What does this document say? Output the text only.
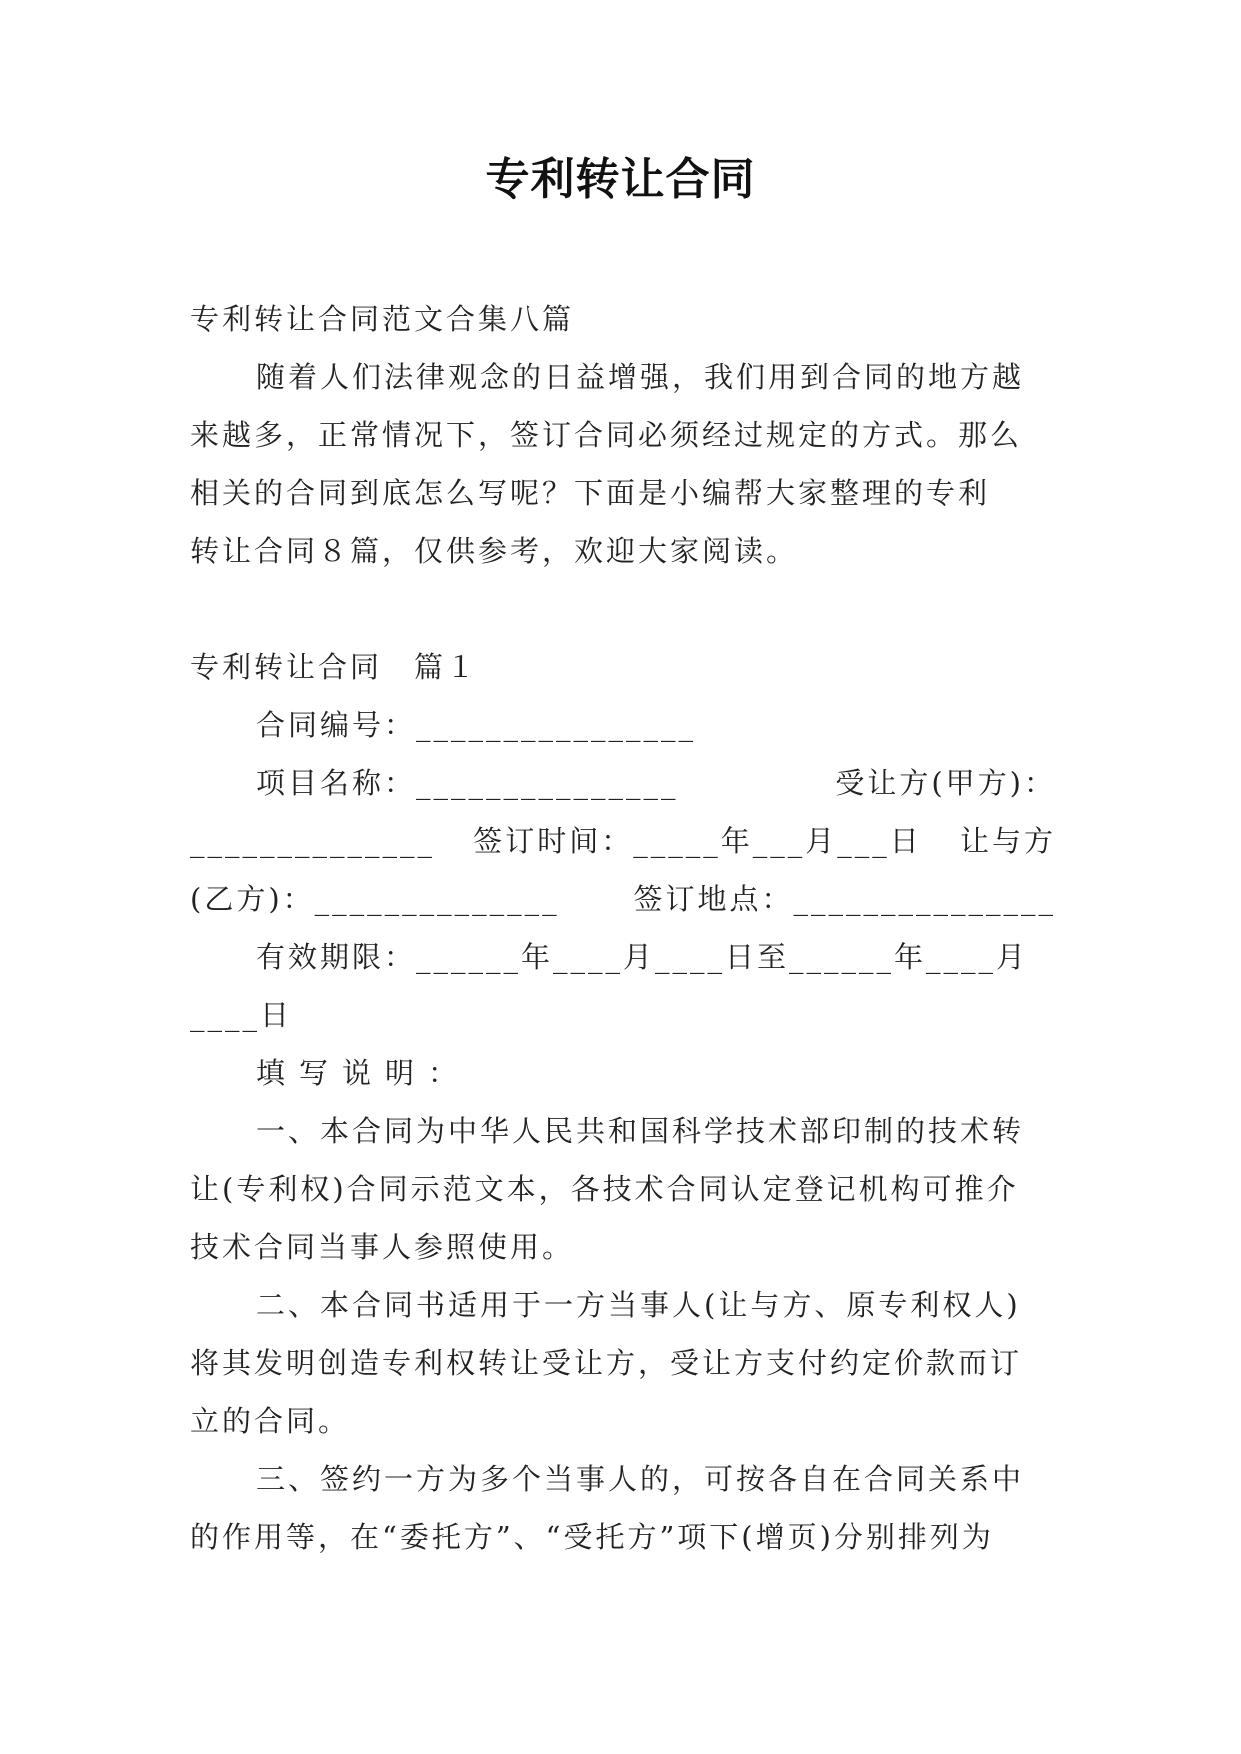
专利转让合同
专利转让合同范文合集八篇
随着人们法律观念的日益增强，我们用到合同的地方越
来越多，正常情况下，签订合同必须经过规定的方式。那么
相关的合同到底怎么写呢？下面是小编帮大家整理的专利
转让合同８篇，仅供参考，欢迎大家阅读。
专利转让合同　篇１
合同编号：________________
项目名称：_______________	受让方(甲方)：
______________ 签订时间：_____年___月___日 让与方
(乙方)：______________	签订地点：_______________
有效期限：______年____月____日至______年____月
____日
填写说明：
一、本合同为中华人民共和国科学技术部印制的技术转
让(专利权)合同示范文本，各技术合同认定登记机构可推介
技术合同当事人参照使用。
二、本合同书适用于一方当事人(让与方、原专利权人)
将其发明创造专利权转让受让方，受让方支付约定价款而订
立的合同。
三、签约一方为多个当事人的，可按各自在合同关系中
的作用等，在“委托方”、“受托方”项下(增页)分别排列为
